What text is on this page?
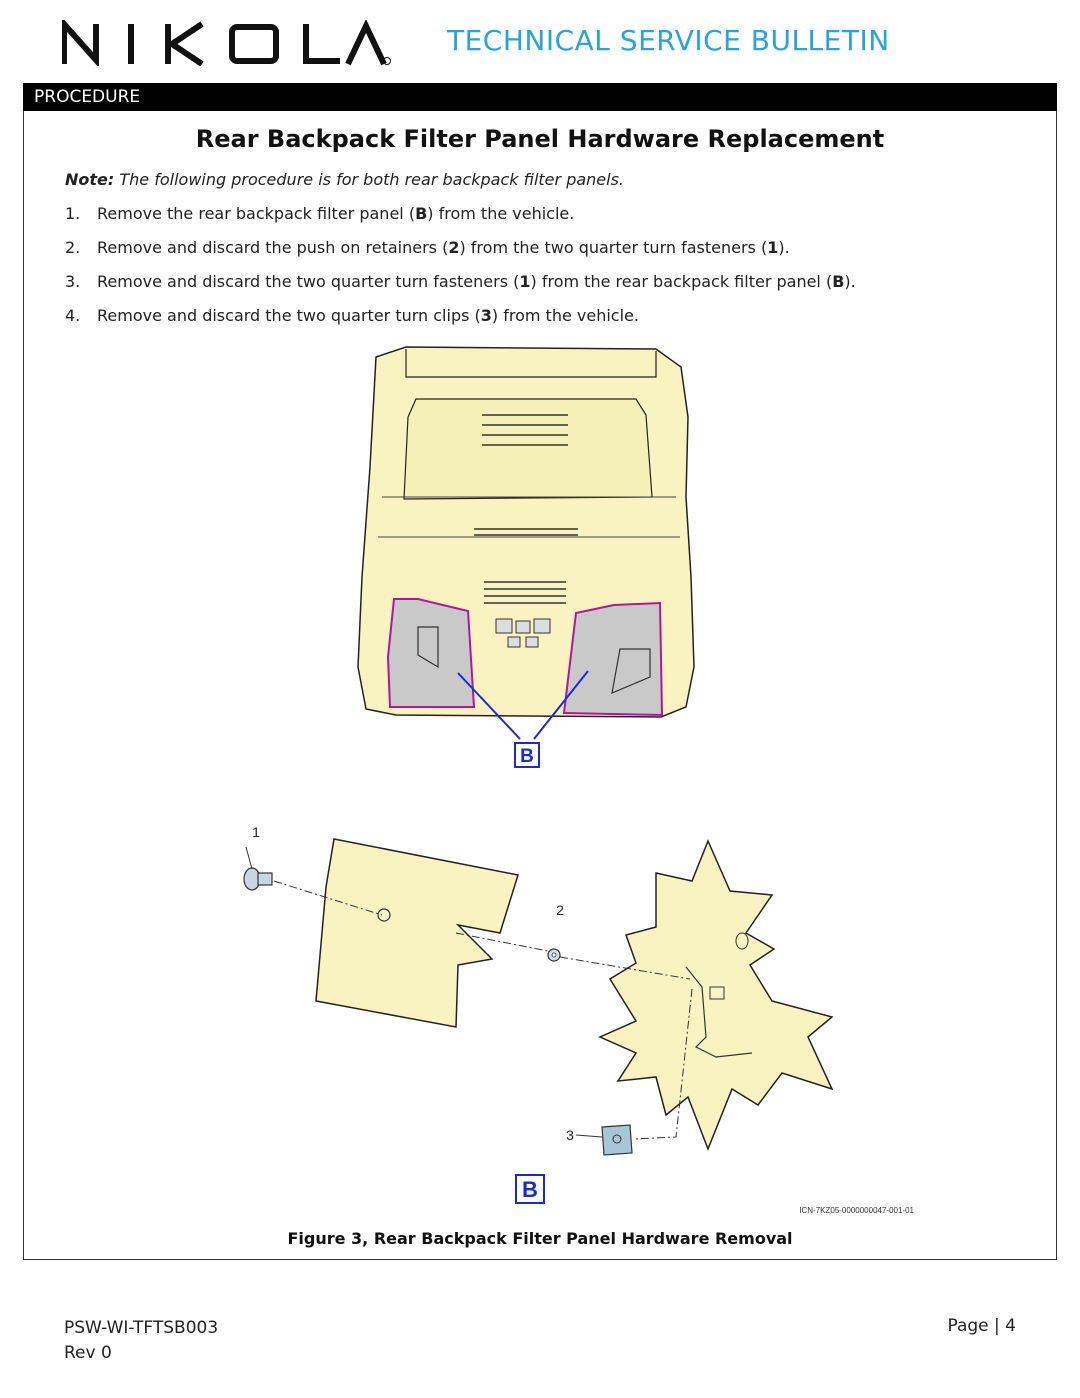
TECHNICAL SERVICE BULLETIN
PROCEDURE
Rear Backpack Filter Panel Hardware Replacement
Note: The following procedure is for both rear backpack filter panels.
1. Remove the rear backpack filter panel (B) from the vehicle.
2. Remove and discard the push on retainers (2) from the two quarter turn fasteners (1).
3. Remove and discard the two quarter turn fasteners (1) from the rear backpack filter panel (B).
4. Remove and discard the two quarter turn clips (3) from the vehicle.
B
1
2
3
B
ICN-7KZ05-0000000047-001-01
Figure 3, Rear Backpack Filter Panel Hardware Removal
PSW-WI-TFTSB003
Rev 0
Page | 4
